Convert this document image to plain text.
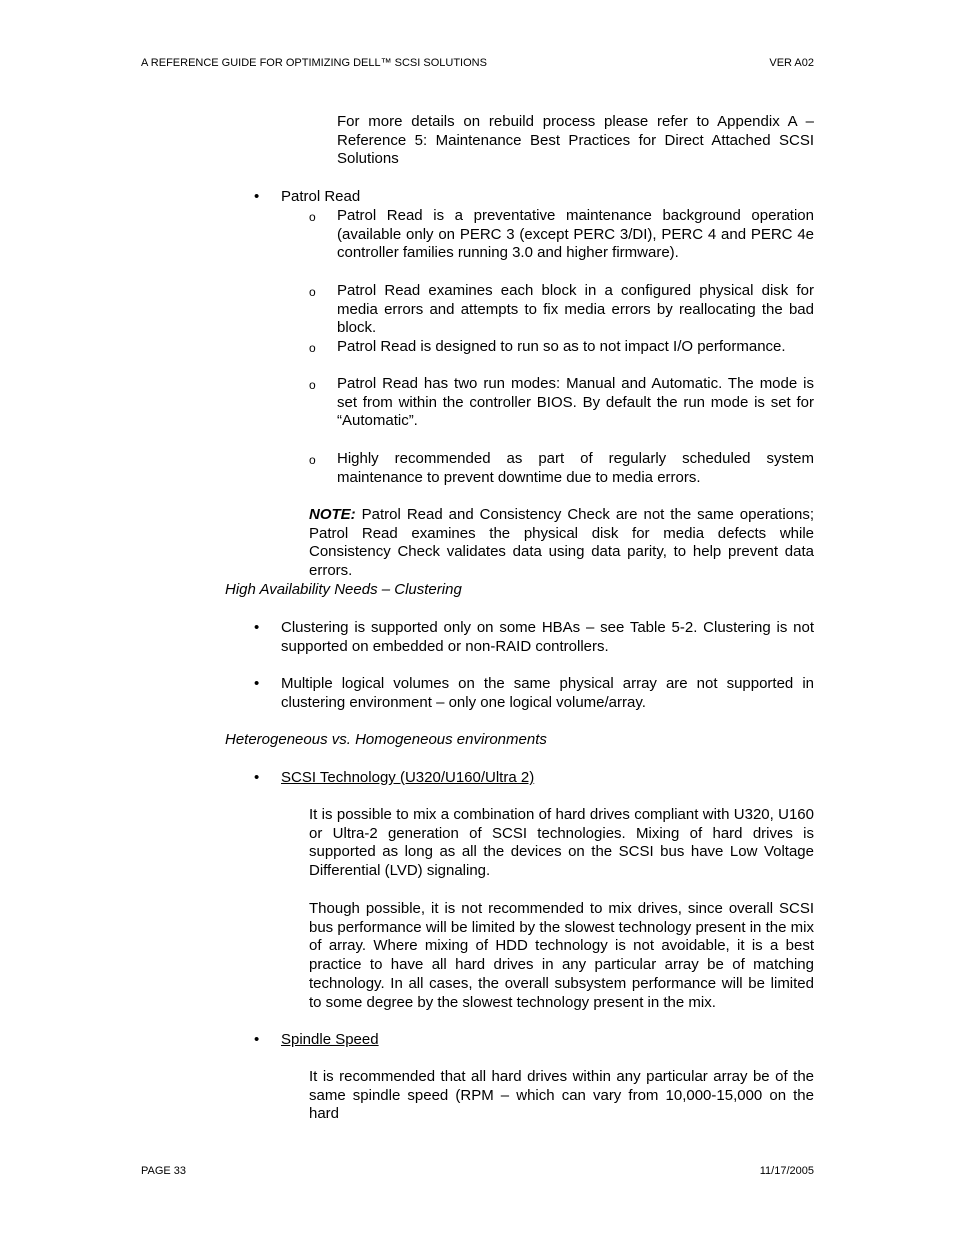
A REFERENCE GUIDE FOR OPTIMIZING DELL™ SCSI SOLUTIONS	VER A02
For more details on rebuild process please refer to Appendix A – Reference 5: Maintenance Best Practices for Direct Attached SCSI Solutions
• Patrol Read
o Patrol Read is a preventative maintenance background operation (available only on PERC 3 (except PERC 3/DI), PERC 4 and PERC 4e controller families running 3.0 and higher firmware).
o Patrol Read examines each block in a configured physical disk for media errors and attempts to fix media errors by reallocating the bad block.
o Patrol Read is designed to run so as to not impact I/O performance.
o Patrol Read has two run modes: Manual and Automatic. The mode is set from within the controller BIOS. By default the run mode is set for “Automatic”.
o Highly recommended as part of regularly scheduled system maintenance to prevent downtime due to media errors.
NOTE: Patrol Read and Consistency Check are not the same operations; Patrol Read examines the physical disk for media defects while Consistency Check validates data using data parity, to help prevent data errors.
High Availability Needs – Clustering
• Clustering is supported only on some HBAs – see Table 5-2. Clustering is not supported on embedded or non-RAID controllers.
• Multiple logical volumes on the same physical array are not supported in clustering environment – only one logical volume/array.
Heterogeneous vs. Homogeneous environments
• SCSI Technology (U320/U160/Ultra 2)
It is possible to mix a combination of hard drives compliant with U320, U160 or Ultra-2 generation of SCSI technologies. Mixing of hard drives is supported as long as all the devices on the SCSI bus have Low Voltage Differential (LVD) signaling.
Though possible, it is not recommended to mix drives, since overall SCSI bus performance will be limited by the slowest technology present in the mix of array. Where mixing of HDD technology is not avoidable, it is a best practice to have all hard drives in any particular array be of matching technology. In all cases, the overall subsystem performance will be limited to some degree by the slowest technology present in the mix.
• Spindle Speed
It is recommended that all hard drives within any particular array be of the same spindle speed (RPM – which can vary from 10,000-15,000 on the hard
PAGE 33	11/17/2005
